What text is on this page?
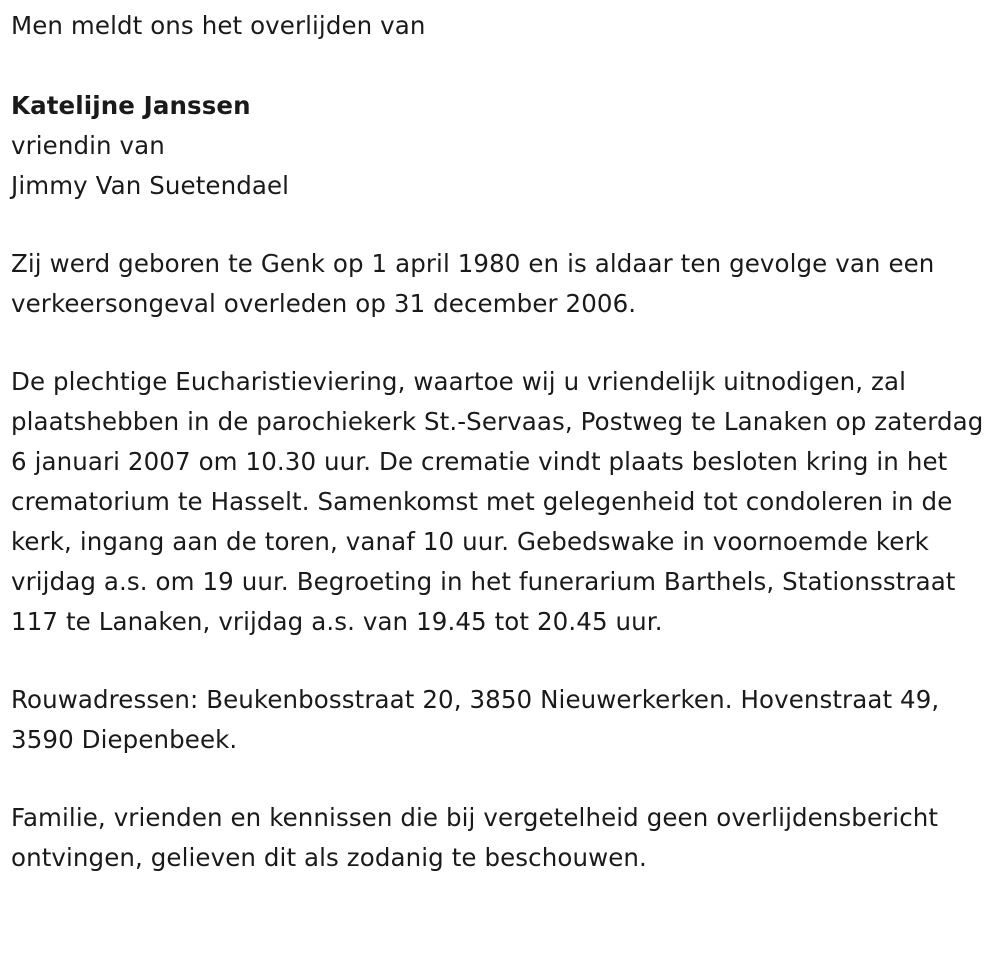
Men meldt ons het overlijden van

Katelijne Janssen

vriendin van

Jimmy Van Suetendael

Zij werd geboren te Genk op 1 april 1980 en is aldaar ten gevolge van een verkeersongeval overleden op 31 december 2006.

De plechtige Eucharistieviering, waartoe wij u vriendelijk uitnodigen, zal plaatshebben in de parochiekerk St.-Servaas, Postweg te Lanaken op zaterdag 6 januari 2007 om 10.30 uur. De crematie vindt plaats besloten kring in het crematorium te Hasselt. Samenkomst met gelegenheid tot condoleren in de kerk, ingang aan de toren, vanaf 10 uur. Gebedswake in voornoemde kerk vrijdag a.s. om 19 uur. Begroeting in het funerarium Barthels, Stationsstraat 117 te Lanaken, vrijdag a.s. van 19.45 tot 20.45 uur.

Rouwadressen: Beukenbosstraat 20, 3850 Nieuwerkerken. Hovenstraat 49, 3590 Diepenbeek.

Familie, vrienden en kennissen die bij vergetelheid geen overlijdensbericht ontvingen, gelieven dit als zodanig te beschouwen.
